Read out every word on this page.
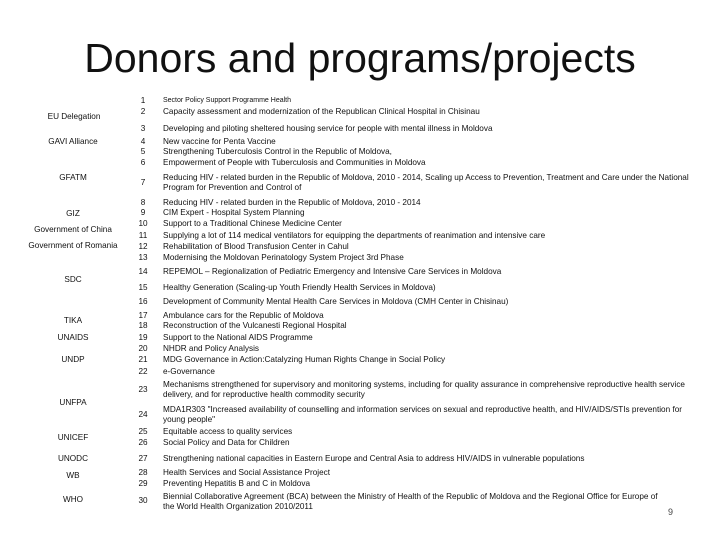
Donors and programs/projects
EU Delegation
GAVI Alliance
GFATM
GIZ
Government of China
Government of Romania
SDC
TIKA
UNAIDS
UNDP
UNFPA
UNICEF
UNODC
WB
WHO
1
2
3
4
5
6
7
8
9
10
11
12
13
14
15
16
17
18
19
20
21
22
23
24
25
26
27
28
29
30
Sector Policy Support Programme Health
Capacity assessment and modernization of the Republican Clinical Hospital in Chisinau
Developing and piloting sheltered housing service for people with mental illness in Moldova
New vaccine for Penta Vaccine
Strengthening Tuberculosis Control in the Republic of Moldova,
Empowerment of People with Tuberculosis and Communities in Moldova
Reducing HIV - related burden in the Republic of Moldova, 2010 - 2014, Scaling up Access to Prevention, Treatment and Care under the National Program for Prevention and Control of
Reducing HIV - related burden in the Republic of Moldova, 2010 - 2014
CIM Expert - Hospital System Planning
Support to a Traditional Chinese Medicine Center
Supplying a lot of 114 medical ventilators for equipping the departments of reanimation and intensive care
Rehabilitation of Blood Transfusion Center in Cahul
Modernising the Moldovan Perinatology System Project 3rd Phase
REPEMOL – Regionalization of Pediatric Emergency and Intensive Care Services in Moldova
Healthy Generation (Scaling-up Youth Friendly Health Services in Moldova)
Development of Community Mental Health Care Services in Moldova (CMH Center in Chisinau)
Ambulance cars for the Republic of Moldova
Reconstruction of the Vulcanesti Regional Hospital
Support to the National AIDS Programme
NHDR and Policy Analysis
MDG Governance in Action:Catalyzing Human Rights Change in Social Policy
e-Governance
Mechanisms strengthened for supervisory and monitoring systems, including for quality assurance in comprehensive reproductive health service delivery, and for reproductive health commodity security
MDA1R303 "Increased availability of counselling and information services on sexual and reproductive health, and HIV/AIDS/STIs prevention for young people"
Equitable access to quality services
Social Policy and Data for Children
Strengthening national capacities in Eastern Europe and Central Asia to address HIV/AIDS in vulnerable populations
Health Services and Social Assistance Project
Preventing Hepatitis B and C in Moldova
Biennial Collaborative Agreement (BCA) between the Ministry of Health of the Republic of Moldova and the Regional Office for Europe of the World Health Organization 2010/2011
9
